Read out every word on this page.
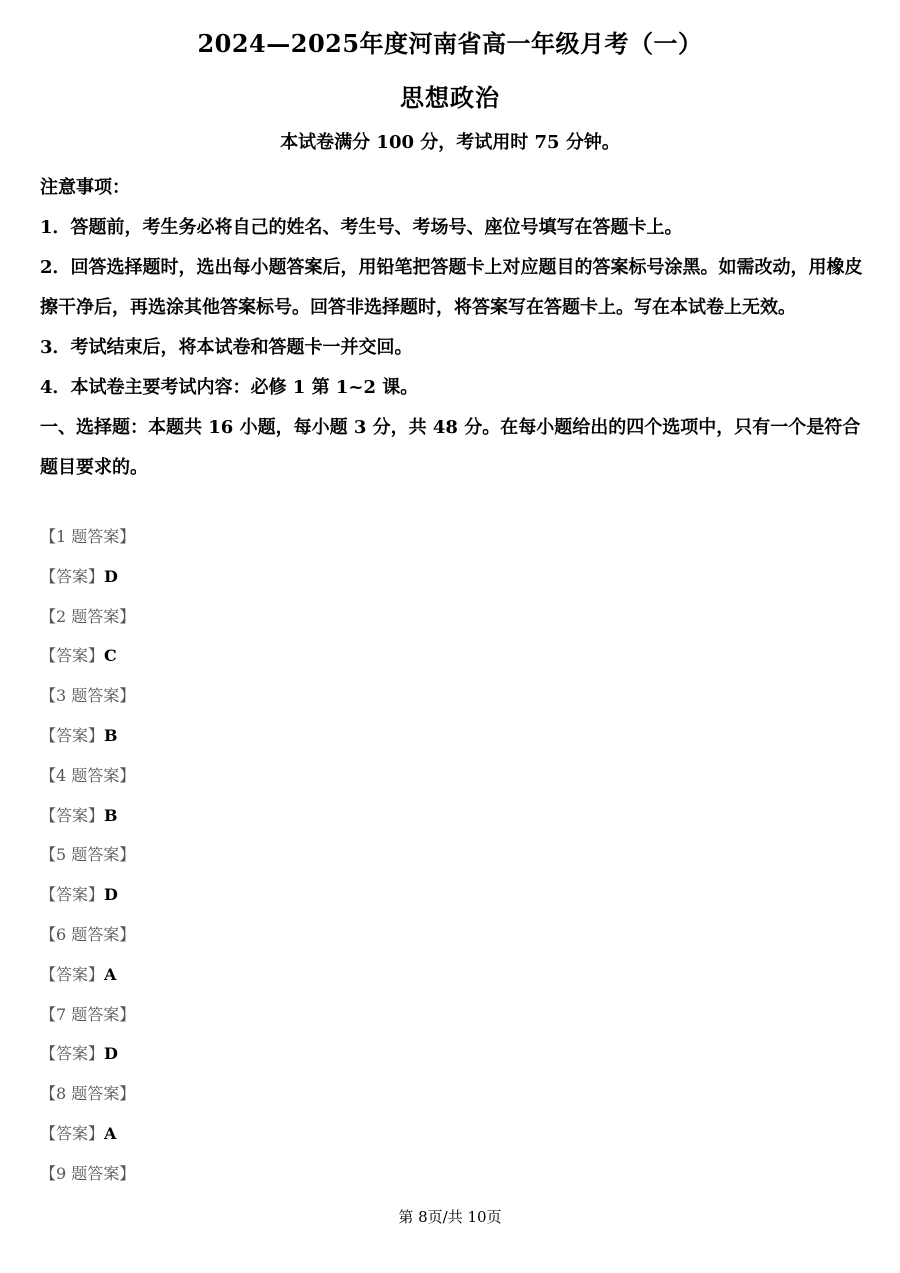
2024—2025年度河南省高一年级月考（一）
思想政治
本试卷满分 100 分，考试用时 75 分钟。

注意事项：

1．答题前，考生务必将自己的姓名、考生号、考场号、座位号填写在答题卡上。

2．回答选择题时，选出每小题答案后，用铅笔把答题卡上对应题目的答案标号涂黑。如需改动，用橡皮擦干净后，再选涂其他答案标号。回答非选择题时，将答案写在答题卡上。写在本试卷上无效。

3．考试结束后，将本试卷和答题卡一并交回。

4．本试卷主要考试内容：必修 1 第 1~2 课。

一、选择题：本题共 16 小题，每小题 3 分，共 48 分。在每小题给出的四个选项中，只有一个是符合题目要求的。

【1 题答案】
【答案】D
【2 题答案】
【答案】C
【3 题答案】
【答案】B
【4 题答案】
【答案】B
【5 题答案】
【答案】D
【6 题答案】
【答案】A
【7 题答案】
【答案】D
【8 题答案】
【答案】A
【9 题答案】
第 8页/共 10页
